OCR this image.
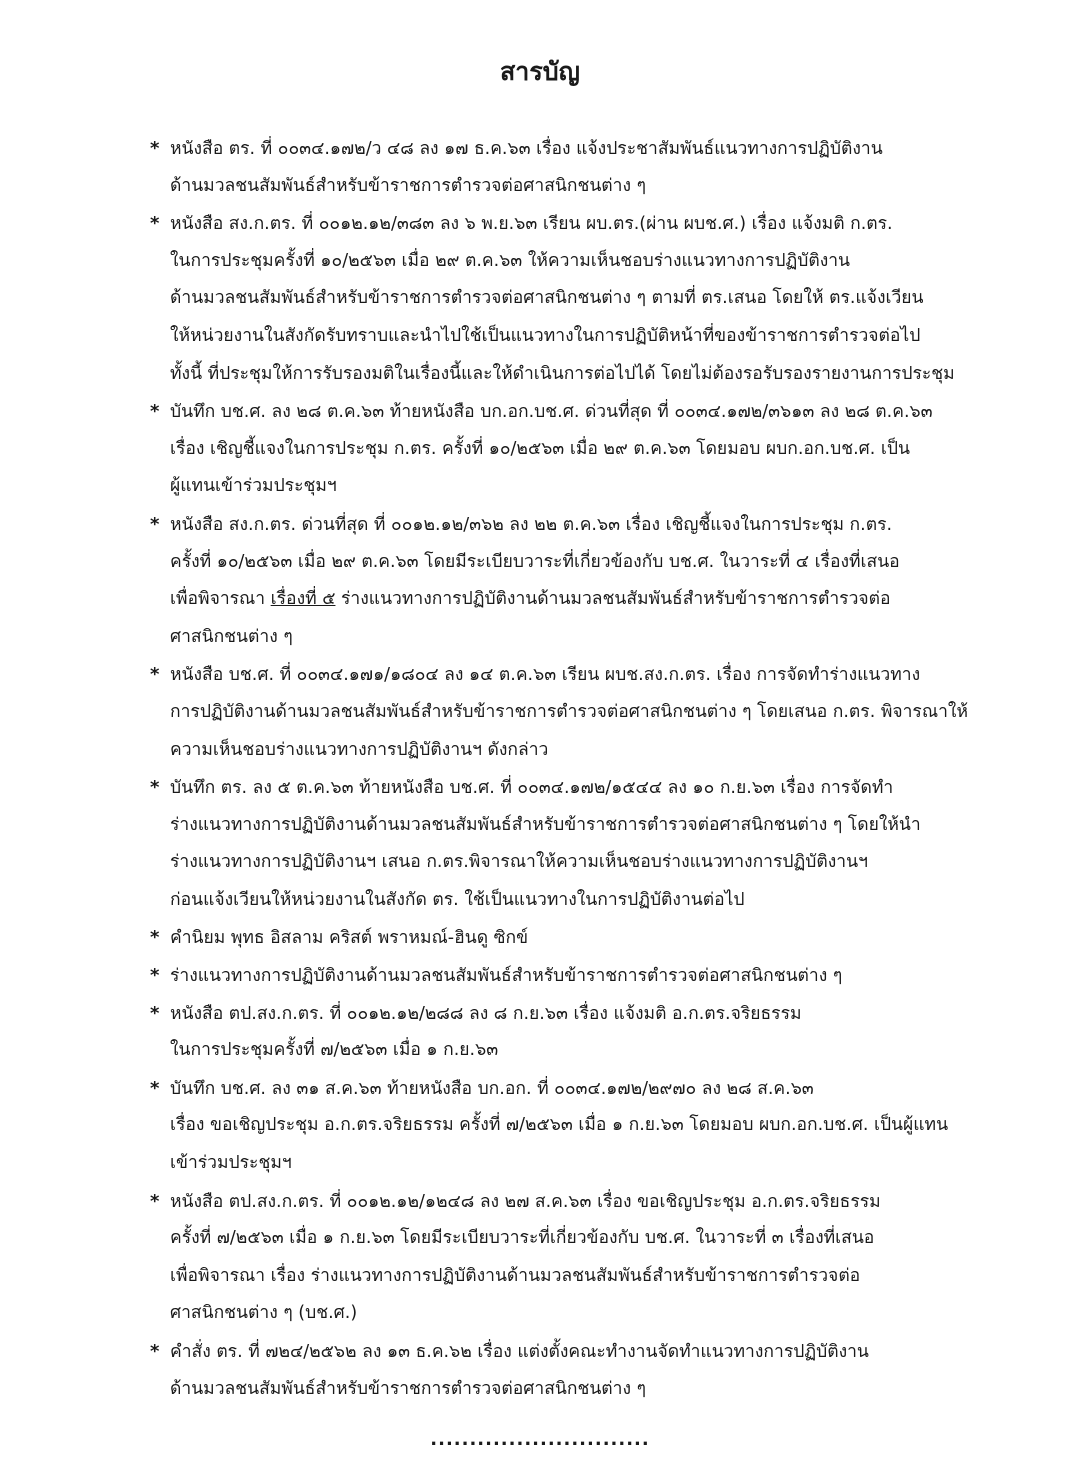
สารบัญ
* หนังสือ ตร. ที่ ๐๐๓๔.๑๗๒/ว ๔๘ ลง ๑๗ ธ.ค.๖๓ เรื่อง แจ้งประชาสัมพันธ์แนวทางการปฏิบัติงาน
ด้านมวลชนสัมพันธ์สำหรับข้าราชการตำรวจต่อศาสนิกชนต่าง ๆ
* หนังสือ สง.ก.ตร. ที่ ๐๐๑๒.๑๒/๓๘๓ ลง ๖ พ.ย.๖๓ เรียน ผบ.ตร.(ผ่าน ผบช.ศ.) เรื่อง แจ้งมติ ก.ตร.
ในการประชุมครั้งที่ ๑๐/๒๕๖๓ เมื่อ ๒๙ ต.ค.๖๓ ให้ความเห็นชอบร่างแนวทางการปฏิบัติงาน
ด้านมวลชนสัมพันธ์สำหรับข้าราชการตำรวจต่อศาสนิกชนต่าง ๆ ตามที่ ตร.เสนอ โดยให้ ตร.แจ้งเวียน
ให้หน่วยงานในสังกัดรับทราบและนำไปใช้เป็นแนวทางในการปฏิบัติหน้าที่ของข้าราชการตำรวจต่อไป
ทั้งนี้ ที่ประชุมให้การรับรองมติในเรื่องนี้และให้ดำเนินการต่อไปได้ โดยไม่ต้องรอรับรองรายงานการประชุม
* บันทึก บช.ศ. ลง ๒๘ ต.ค.๖๓ ท้ายหนังสือ บก.อก.บช.ศ. ด่วนที่สุด ที่ ๐๐๓๔.๑๗๒/๓๖๑๓ ลง ๒๘ ต.ค.๖๓
เรื่อง เชิญชี้แจงในการประชุม ก.ตร. ครั้งที่ ๑๐/๒๕๖๓ เมื่อ ๒๙ ต.ค.๖๓ โดยมอบ ผบก.อก.บช.ศ. เป็น
ผู้แทนเข้าร่วมประชุมฯ
* หนังสือ สง.ก.ตร. ด่วนที่สุด ที่ ๐๐๑๒.๑๒/๓๖๒ ลง ๒๒ ต.ค.๖๓ เรื่อง เชิญชี้แจงในการประชุม ก.ตร.
ครั้งที่ ๑๐/๒๕๖๓ เมื่อ ๒๙ ต.ค.๖๓ โดยมีระเบียบวาระที่เกี่ยวข้องกับ บช.ศ. ในวาระที่ ๔ เรื่องที่เสนอ
เพื่อพิจารณา เรื่องที่ ๕ ร่างแนวทางการปฏิบัติงานด้านมวลชนสัมพันธ์สำหรับข้าราชการตำรวจต่อ
ศาสนิกชนต่าง ๆ
* หนังสือ บช.ศ. ที่ ๐๐๓๔.๑๗๑/๑๘๐๔ ลง ๑๔ ต.ค.๖๓ เรียน ผบช.สง.ก.ตร. เรื่อง การจัดทำร่างแนวทาง
การปฏิบัติงานด้านมวลชนสัมพันธ์สำหรับข้าราชการตำรวจต่อศาสนิกชนต่าง ๆ โดยเสนอ ก.ตร. พิจารณาให้
ความเห็นชอบร่างแนวทางการปฏิบัติงานฯ ดังกล่าว
* บันทึก ตร. ลง ๕ ต.ค.๖๓ ท้ายหนังสือ บช.ศ. ที่ ๐๐๓๔.๑๗๒/๑๕๔๔ ลง ๑๐ ก.ย.๖๓ เรื่อง การจัดทำ
ร่างแนวทางการปฏิบัติงานด้านมวลชนสัมพันธ์สำหรับข้าราชการตำรวจต่อศาสนิกชนต่าง ๆ โดยให้นำ
ร่างแนวทางการปฏิบัติงานฯ เสนอ ก.ตร.พิจารณาให้ความเห็นชอบร่างแนวทางการปฏิบัติงานฯ
ก่อนแจ้งเวียนให้หน่วยงานในสังกัด ตร. ใช้เป็นแนวทางในการปฏิบัติงานต่อไป
* คำนิยม พุทธ อิสลาม คริสต์ พราหมณ์-ฮินดู ซิกข์
* ร่างแนวทางการปฏิบัติงานด้านมวลชนสัมพันธ์สำหรับข้าราชการตำรวจต่อศาสนิกชนต่าง ๆ
* หนังสือ ตป.สง.ก.ตร. ที่ ๐๐๑๒.๑๒/๒๘๘ ลง ๘ ก.ย.๖๓ เรื่อง แจ้งมติ อ.ก.ตร.จริยธรรม
ในการประชุมครั้งที่ ๗/๒๕๖๓ เมื่อ ๑ ก.ย.๖๓
* บันทึก บช.ศ. ลง ๓๑ ส.ค.๖๓ ท้ายหนังสือ บก.อก. ที่ ๐๐๓๔.๑๗๒/๒๙๗๐ ลง ๒๘ ส.ค.๖๓
เรื่อง ขอเชิญประชุม อ.ก.ตร.จริยธรรม ครั้งที่ ๗/๒๕๖๓ เมื่อ ๑ ก.ย.๖๓ โดยมอบ ผบก.อก.บช.ศ. เป็นผู้แทน
เข้าร่วมประชุมฯ
* หนังสือ ตป.สง.ก.ตร. ที่ ๐๐๑๒.๑๒/๑๒๔๘ ลง ๒๗ ส.ค.๖๓ เรื่อง ขอเชิญประชุม อ.ก.ตร.จริยธรรม
ครั้งที่ ๗/๒๕๖๓ เมื่อ ๑ ก.ย.๖๓ โดยมีระเบียบวาระที่เกี่ยวข้องกับ บช.ศ. ในวาระที่ ๓ เรื่องที่เสนอ
เพื่อพิจารณา เรื่อง ร่างแนวทางการปฏิบัติงานด้านมวลชนสัมพันธ์สำหรับข้าราชการตำรวจต่อ
ศาสนิกชนต่าง ๆ (บช.ศ.)
* คำสั่ง ตร. ที่ ๗๒๔/๒๕๖๒ ลง ๑๓ ธ.ค.๖๒ เรื่อง แต่งตั้งคณะทำงานจัดทำแนวทางการปฏิบัติงาน
ด้านมวลชนสัมพันธ์สำหรับข้าราชการตำรวจต่อศาสนิกชนต่าง ๆ
............................
